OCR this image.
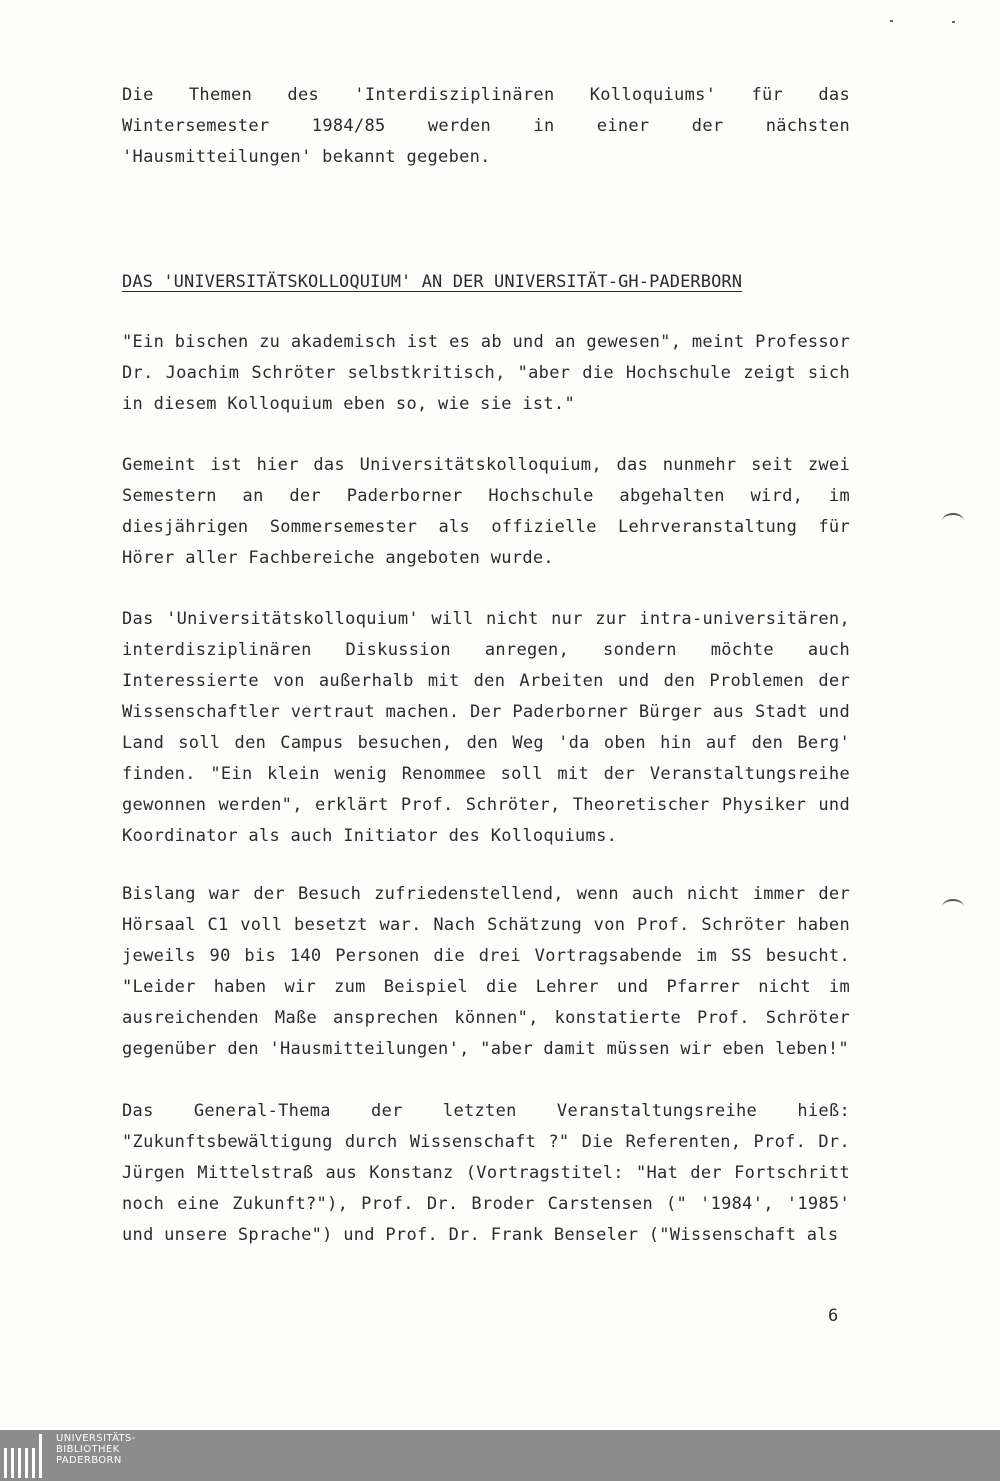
Die Themen des 'Interdisziplinären Kolloquiums' für das Wintersemester 1984/85 werden in einer der nächsten 'Hausmitteilungen' bekannt gegeben.

DAS 'UNIVERSITÄTSKOLLOQUIUM' AN DER UNIVERSITÄT-GH-PADERBORN

"Ein bischen zu akademisch ist es ab und an gewesen", meint Professor Dr. Joachim Schröter selbstkritisch, "aber die Hochschule zeigt sich in diesem Kolloquium eben so, wie sie ist."

Gemeint ist hier das Universitätskolloquium, das nunmehr seit zwei Semestern an der Paderborner Hochschule abgehalten wird, im diesjährigen Sommersemester als offizielle Lehrveranstaltung für Hörer aller Fachbereiche angeboten wurde.

Das 'Universitätskolloquium' will nicht nur zur intra-universitären, interdisziplinären Diskussion anregen, sondern möchte auch Interessierte von außerhalb mit den Arbeiten und den Problemen der Wissenschaftler vertraut machen. Der Paderborner Bürger aus Stadt und Land soll den Campus besuchen, den Weg 'da oben hin auf den Berg' finden. "Ein klein wenig Renommee soll mit der Veranstaltungsreihe gewonnen werden", erklärt Prof. Schröter, Theoretischer Physiker und Koordinator als auch Initiator des Kolloquiums.

Bislang war der Besuch zufriedenstellend, wenn auch nicht immer der Hörsaal C1 voll besetzt war. Nach Schätzung von Prof. Schröter haben jeweils 90 bis 140 Personen die drei Vortragsabende im SS besucht. "Leider haben wir zum Beispiel die Lehrer und Pfarrer nicht im ausreichenden Maße ansprechen können", konstatierte Prof. Schröter gegenüber den 'Hausmitteilungen', "aber damit müssen wir eben leben!"

Das General-Thema der letzten Veranstaltungsreihe hieß: "Zukunftsbewältigung durch Wissenschaft ?" Die Referenten, Prof. Dr. Jürgen Mittelstraß aus Konstanz (Vortragstitel: "Hat der Fortschritt noch eine Zukunft?"), Prof. Dr. Broder Carstensen (" '1984', '1985' und unsere Sprache") und Prof. Dr. Frank Benseler ("Wissenschaft als

6

UNIVERSITÄTS-
BIBLIOTHEK
PADERBORN
